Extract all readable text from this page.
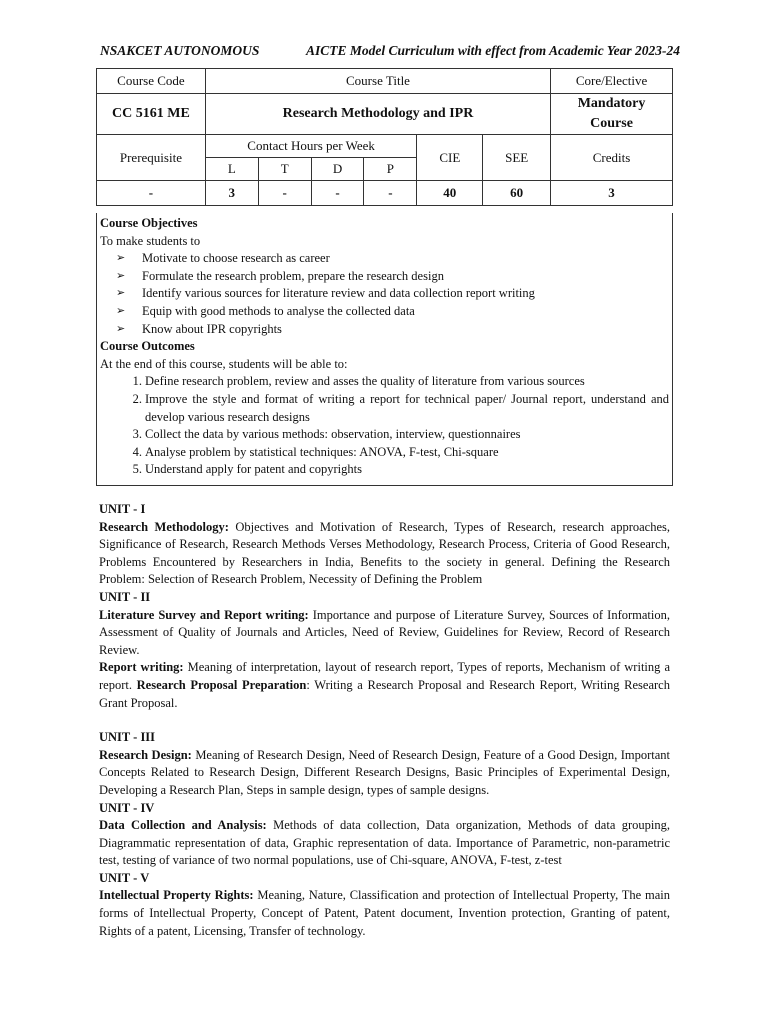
NSAKCET AUTONOMOUS	AICTE Model Curriculum with effect from Academic Year 2023-24
Course Code	Course Title						Core/Elective
CC 5161 ME	Research Methodology and IPR						Mandatory
Course

Prerequisite	Contact Hours per Week				CIE	SEE	Credits
	L	T	D	P			
-	3	-	-	-	40	60	3
Course Objectives
To make students to
➢	Motivate to choose research as career
➢	Formulate the research problem, prepare the research design
➢	Identify various sources for literature review and data collection report writing
➢	Equip with good methods to analyse the collected data
➢	Know about IPR copyrights
Course Outcomes
At the end of this course, students will be able to:
1. Define research problem, review and asses the quality of literature from various sources
2. Improve the style and format of writing a report for technical paper/ Journal report, understand and develop various research designs
3. Collect the data by various methods: observation, interview, questionnaires
4. Analyse problem by statistical techniques: ANOVA, F-test, Chi-square
5. Understand apply for patent and copyrights

UNIT - I

Research Methodology: Objectives and Motivation of Research, Types of Research, research approaches, Significance of Research, Research Methods Verses Methodology, Research Process, Criteria of Good Research, Problems Encountered by Researchers in India, Benefits to the society in general. Defining the Research Problem: Selection of Research Problem, Necessity of Defining the Problem

UNIT - II

Literature Survey and Report writing: Importance and purpose of Literature Survey, Sources of Information, Assessment of Quality of Journals and Articles, Need of Review, Guidelines for Review, Record of Research Review.

Report writing: Meaning of interpretation, layout of research report, Types of reports, Mechanism of writing a report. Research Proposal Preparation: Writing a Research Proposal and Research Report, Writing Research Grant Proposal.

UNIT - III

Research Design: Meaning of Research Design, Need of Research Design, Feature of a Good Design, Important Concepts Related to Research Design, Different Research Designs, Basic Principles of Experimental Design, Developing a Research Plan, Steps in sample design, types of sample designs.

UNIT - IV

Data Collection and Analysis: Methods of data collection, Data organization, Methods of data grouping, Diagrammatic representation of data, Graphic representation of data. Importance of Parametric, non-parametric test, testing of variance of two normal populations, use of Chi-square, ANOVA, F-test, z-test

UNIT - V

Intellectual Property Rights: Meaning, Nature, Classification and protection of Intellectual Property, The main forms of Intellectual Property, Concept of Patent, Patent document, Invention protection, Granting of patent, Rights of a patent, Licensing, Transfer of technology.
